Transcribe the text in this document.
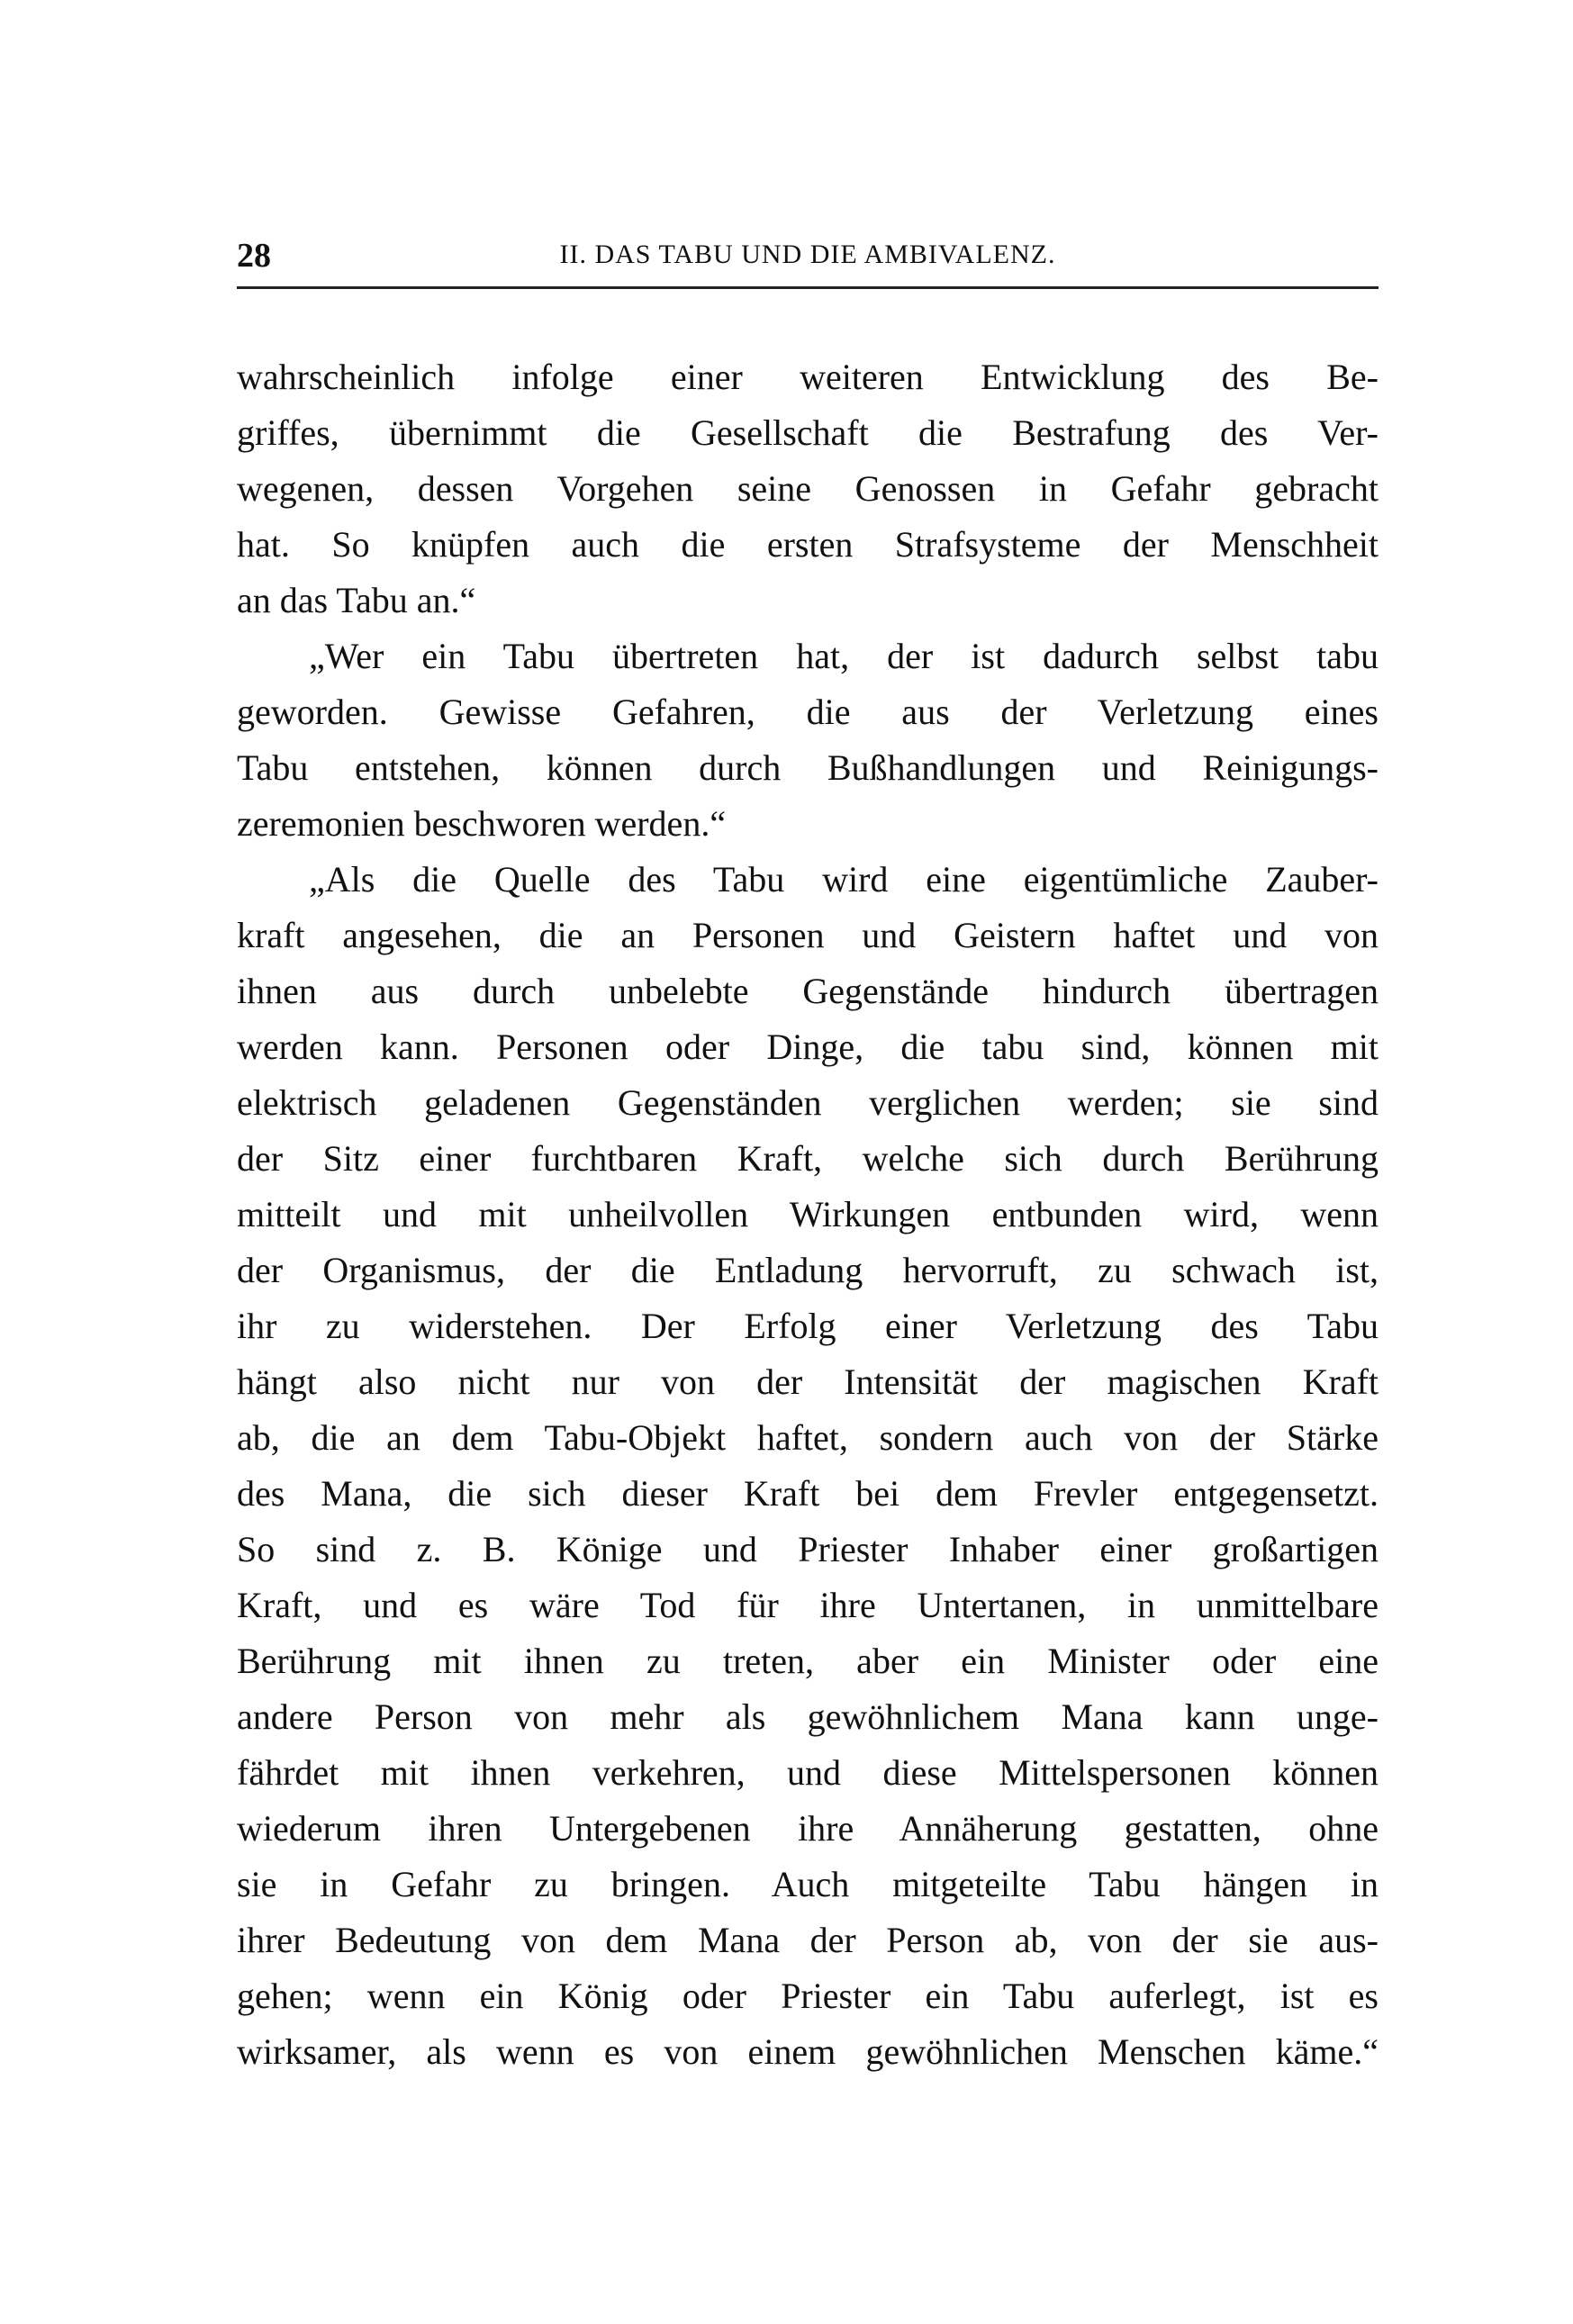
28	II. DAS TABU UND DIE AMBIVALENZ.
wahrscheinlich infolge einer weiteren Entwicklung des Be-
griffes, übernimmt die Gesellschaft die Bestrafung des Ver-
wegenen, dessen Vorgehen seine Genossen in Gefahr gebracht
hat. So knüpfen auch die ersten Strafsysteme der Menschheit
an das Tabu an.“
„Wer ein Tabu übertreten hat, der ist dadurch selbst tabu
geworden. Gewisse Gefahren, die aus der Verletzung eines
Tabu entstehen, können durch Bußhandlungen und Reinigungs-
zeremonien beschworen werden.“
„Als die Quelle des Tabu wird eine eigentümliche Zauber-
kraft angesehen, die an Personen und Geistern haftet und von
ihnen aus durch unbelebte Gegenstände hindurch übertragen
werden kann. Personen oder Dinge, die tabu sind, können mit
elektrisch geladenen Gegenständen verglichen werden; sie sind
der Sitz einer furchtbaren Kraft, welche sich durch Berührung
mitteilt und mit unheilvollen Wirkungen entbunden wird, wenn
der Organismus, der die Entladung hervorruft, zu schwach ist,
ihr zu widerstehen. Der Erfolg einer Verletzung des Tabu
hängt also nicht nur von der Intensität der magischen Kraft
ab, die an dem Tabu-Objekt haftet, sondern auch von der Stärke
des Mana, die sich dieser Kraft bei dem Frevler entgegensetzt.
So sind z. B. Könige und Priester Inhaber einer großartigen
Kraft, und es wäre Tod für ihre Untertanen, in unmittelbare
Berührung mit ihnen zu treten, aber ein Minister oder eine
andere Person von mehr als gewöhnlichem Mana kann unge-
fährdet mit ihnen verkehren, und diese Mittelspersonen können
wiederum ihren Untergebenen ihre Annäherung gestatten, ohne
sie in Gefahr zu bringen. Auch mitgeteilte Tabu hängen in
ihrer Bedeutung von dem Mana der Person ab, von der sie aus-
gehen; wenn ein König oder Priester ein Tabu auferlegt, ist es
wirksamer, als wenn es von einem gewöhnlichen Menschen käme.“
